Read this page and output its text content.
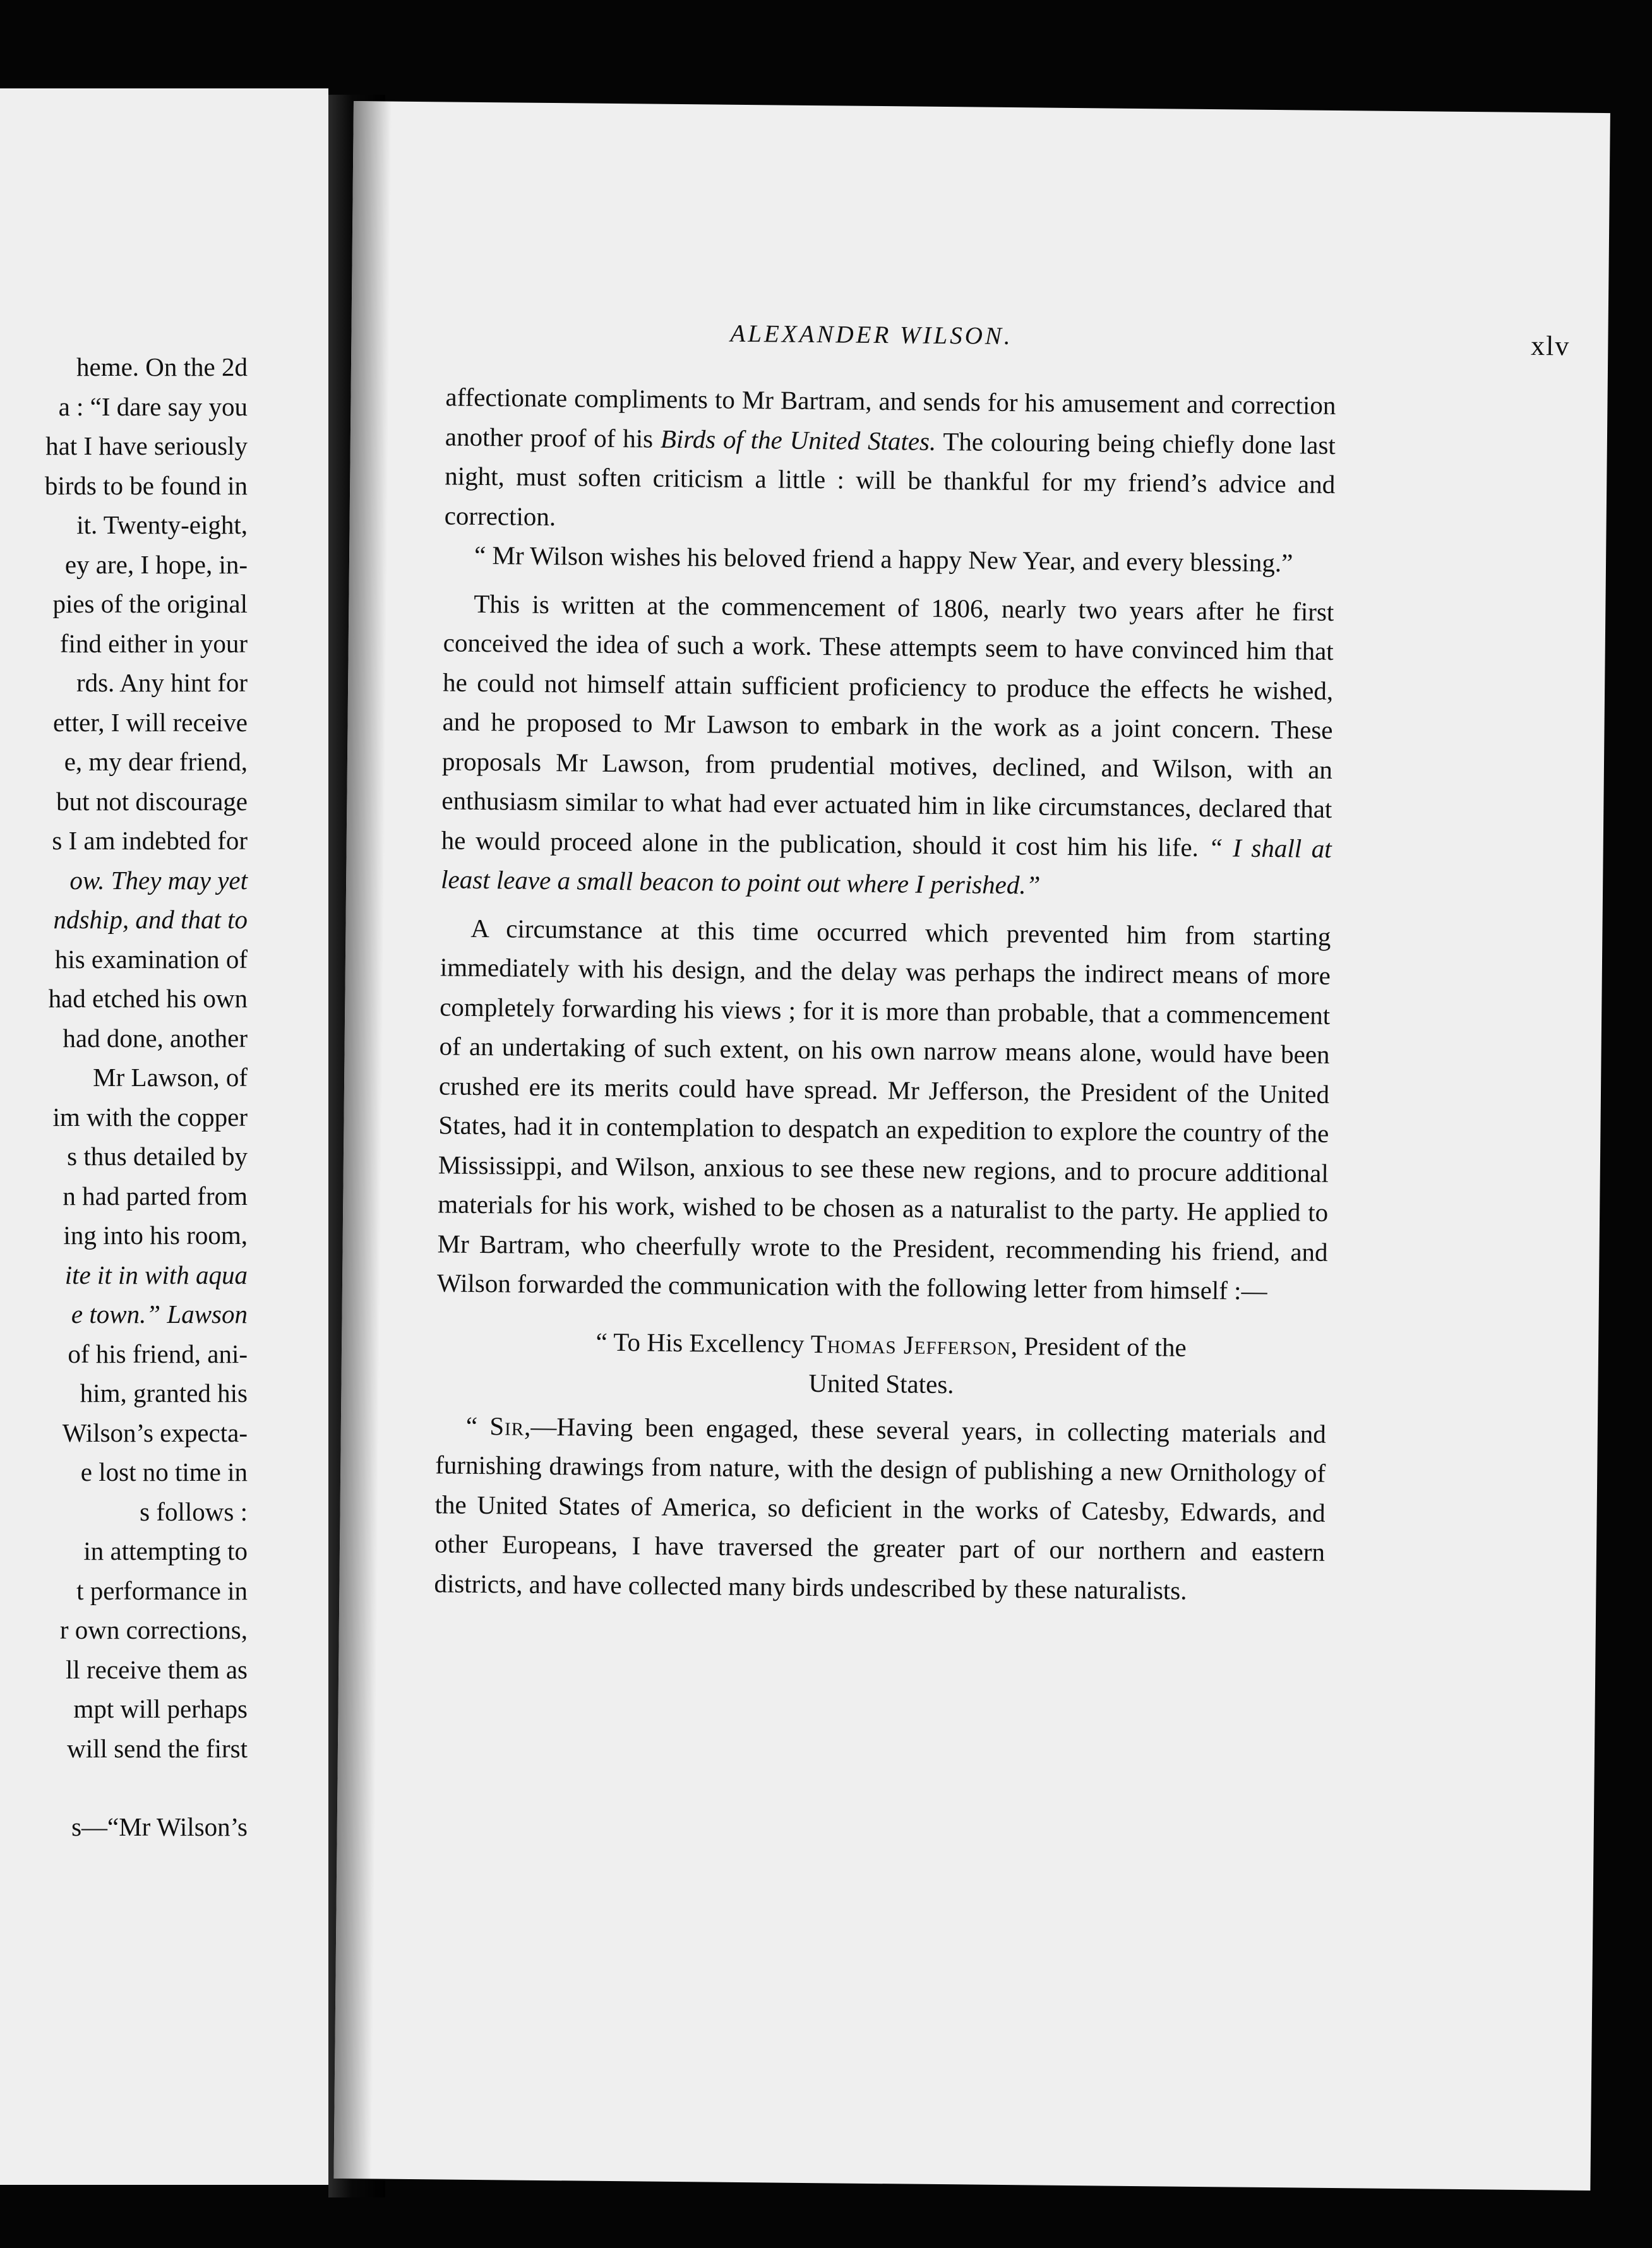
heme. On the 2d
a : “I dare say you
hat I have seriously
birds to be found in
it. Twenty-eight,
ey are, I hope, in-
pies of the original
find either in your
rds. Any hint for
etter, I will receive
e, my dear friend,
but not discourage
s I am indebted for
ow. They may yet
ndship, and that to
his examination of
had etched his own
had done, another
Mr Lawson, of
im with the copper
s thus detailed by
n had parted from
ing into his room,
ite it in with aqua
e town.” Lawson
of his friend, ani-
him, granted his
Wilson’s expecta-
e lost no time in
s follows :
in attempting to
t performance in
r own corrections,
ll receive them as
mpt will perhaps
will send the first
s—“Mr Wilson’s
ALEXANDER WILSON.	xlv

affectionate compliments to Mr Bartram, and sends for his amusement and correction another proof of his Birds of the United States. The colouring being chiefly done last night, must soften criticism a little : will be thankful for my friend’s advice and correction.

“ Mr Wilson wishes his beloved friend a happy New Year, and every blessing.”

This is written at the commencement of 1806, nearly two years after he first conceived the idea of such a work. These attempts seem to have convinced him that he could not himself attain sufficient proficiency to produce the effects he wished, and he proposed to Mr Lawson to embark in the work as a joint concern. These proposals Mr Lawson, from prudential motives, declined, and Wilson, with an enthusiasm similar to what had ever actuated him in like circumstances, declared that he would proceed alone in the publication, should it cost him his life. “ I shall at least leave a small beacon to point out where I perished.”

A circumstance at this time occurred which prevented him from starting immediately with his design, and the delay was perhaps the indirect means of more completely forwarding his views ; for it is more than probable, that a commencement of an undertaking of such extent, on his own narrow means alone, would have been crushed ere its merits could have spread. Mr Jefferson, the President of the United States, had it in contemplation to despatch an expedition to explore the country of the Mississippi, and Wilson, anxious to see these new regions, and to procure additional materials for his work, wished to be chosen as a naturalist to the party. He applied to Mr Bartram, who cheerfully wrote to the President, recommending his friend, and Wilson forwarded the communication with the following letter from himself :—

“ To His Excellency Thomas Jefferson, President of the
United States.

“ Sir,—Having been engaged, these several years, in collecting materials and furnishing drawings from nature, with the design of publishing a new Ornithology of the United States of America, so deficient in the works of Catesby, Edwards, and other Europeans, I have traversed the greater part of our northern and eastern districts, and have collected many birds undescribed by these naturalists.
